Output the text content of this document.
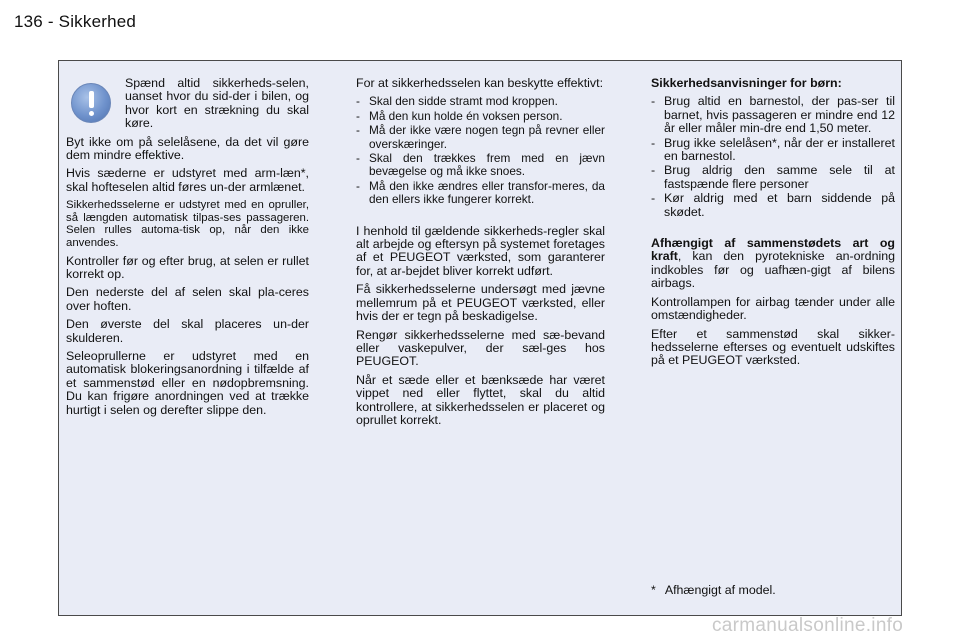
136 - Sikkerhed
Spænd altid sikkerheds-selen, uanset hvor du sid-der i bilen, og hvor kort en strækning du skal køre.

Byt ikke om på selelåsene, da det vil gøre dem mindre effektive.

Hvis sæderne er udstyret med arm-læn*, skal hofteselen altid føres un-der armlænet.

Sikkerhedsselerne er udstyret med en opruller, så længden automatisk tilpas-ses passageren. Selen rulles automa-tisk op, når den ikke anvendes.

Kontroller før og efter brug, at selen er rullet korrekt op.

Den nederste del af selen skal pla-ceres over hoften.

Den øverste del skal placeres un-der skulderen.

Seleoprullerne er udstyret med en automatisk blokeringsanordning i tilfælde af et sammenstød eller en nødopbremsning. Du kan frigøre anordningen ved at trække hurtigt i selen og derefter slippe den.

For at sikkerhedsselen kan beskytte effektivt:

- Skal den sidde stramt mod kroppen.
- Må den kun holde én voksen person.
- Må der ikke være nogen tegn på revner eller overskæringer.
- Skal den trækkes frem med en jævn bevægelse og må ikke snoes.
- Må den ikke ændres eller transfor-meres, da den ellers ikke fungerer korrekt.

I henhold til gældende sikkerheds-regler skal alt arbejde og eftersyn på systemet foretages af et PEUGEOT værksted, som garanterer for, at ar-bejdet bliver korrekt udført.

Få sikkerhedsselerne undersøgt med jævne mellemrum på et PEUGEOT værksted, eller hvis der er tegn på beskadigelse.

Rengør sikkerhedsselerne med sæ-bevand eller vaskepulver, der sæl-ges hos PEUGEOT.

Når et sæde eller et bænksæde har været vippet ned eller flyttet, skal du altid kontrollere, at sikkerhedsselen er placeret og oprullet korrekt.

Sikkerhedsanvisninger for børn:

- Brug altid en barnestol, der pas-ser til barnet, hvis passageren er mindre end 12 år eller måler min-dre end 1,50 meter.
- Brug ikke selelåsen*, når der er installeret en barnestol.
- Brug aldrig den samme sele til at fastspænde flere personer
- Kør aldrig med et barn siddende på skødet.

Afhængigt af sammenstødets art og kraft, kan den pyrotekniske an-ordning indkobles før og uafhæn-gigt af bilens airbags.

Kontrollampen for airbag tænder under alle omstændigheder.

Efter et sammenstød skal sikker-hedsselerne efterses og eventuelt udskiftes på et PEUGEOT værksted.

* Afhængigt af model.
carmanualsonline.info
